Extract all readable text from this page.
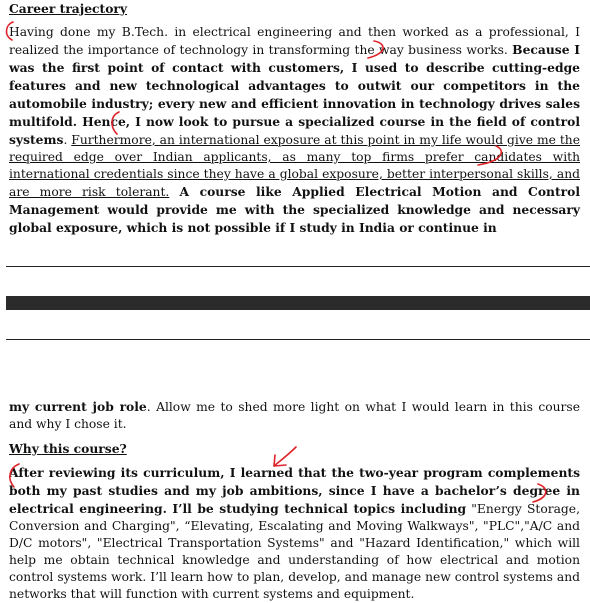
Career trajectory

Having done my B.Tech. in electrical engineering and then worked as a professional, I realized the importance of technology in transforming the way business works. Because I was the first point of contact with customers, I used to describe cutting-edge features and new technological advantages to outwit our competitors in the automobile industry; every new and efficient innovation in technology drives sales multifold. Hence, I now look to pursue a specialized course in the field of control systems. Furthermore, an international exposure at this point in my life would give me the required edge over Indian applicants, as many top firms prefer candidates with international credentials since they have a global exposure, better interpersonal skills, and are more risk tolerant. A course like Applied Electrical Motion and Control Management would provide me with the specialized knowledge and necessary global exposure, which is not possible if I study in India or continue in

my current job role. Allow me to shed more light on what I would learn in this course and why I chose it.

Why this course?

After reviewing its curriculum, I learned that the two-year program complements both my past studies and my job ambitions, since I have a bachelor’s degree in electrical engineering. I’ll be studying technical topics including "Energy Storage, Conversion and Charging", “Elevating, Escalating and Moving Walkways", "PLC","A/C and D/C motors", "Electrical Transportation Systems" and "Hazard Identification," which will help me obtain technical knowledge and understanding of how electrical and motion control systems work. I’ll learn how to plan, develop, and manage new control systems and networks that will function with current systems and equipment.
